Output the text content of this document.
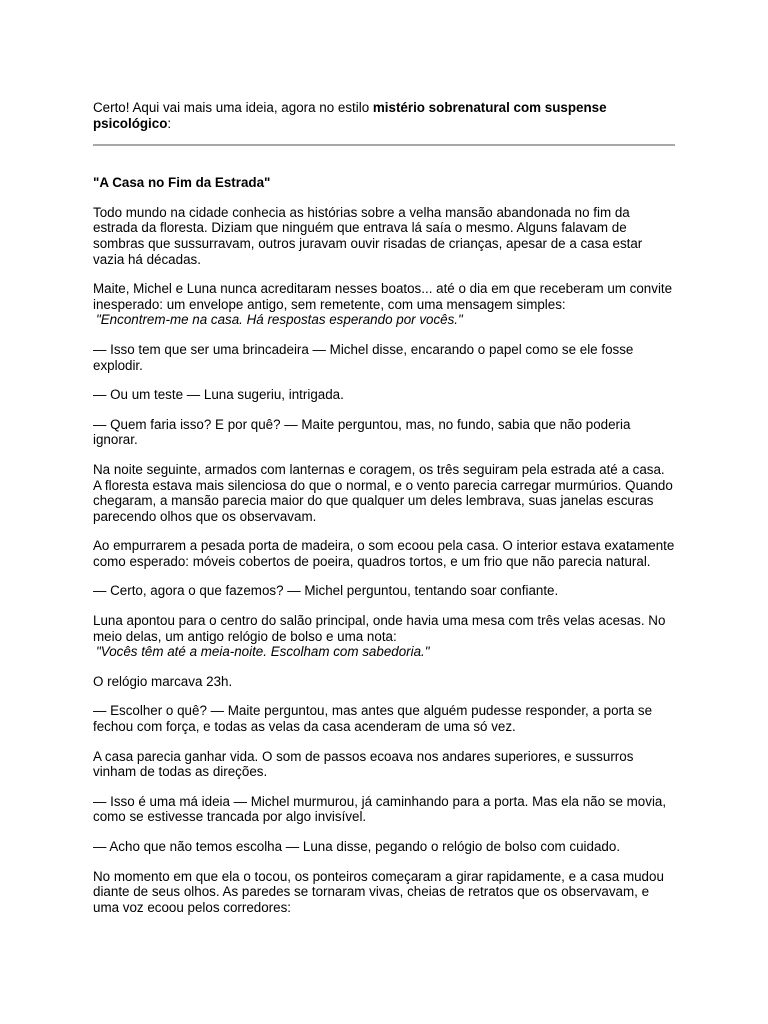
Certo! Aqui vai mais uma ideia, agora no estilo mistério sobrenatural com suspense psicológico:

"A Casa no Fim da Estrada"

Todo mundo na cidade conhecia as histórias sobre a velha mansão abandonada no fim da estrada da floresta. Diziam que ninguém que entrava lá saía o mesmo. Alguns falavam de sombras que sussurravam, outros juravam ouvir risadas de crianças, apesar de a casa estar vazia há décadas.

Maite, Michel e Luna nunca acreditaram nesses boatos... até o dia em que receberam um convite inesperado: um envelope antigo, sem remetente, com uma mensagem simples:
"Encontrem-me na casa. Há respostas esperando por vocês."

— Isso tem que ser uma brincadeira — Michel disse, encarando o papel como se ele fosse explodir.

— Ou um teste — Luna sugeriu, intrigada.

— Quem faria isso? E por quê? — Maite perguntou, mas, no fundo, sabia que não poderia ignorar.

Na noite seguinte, armados com lanternas e coragem, os três seguiram pela estrada até a casa. A floresta estava mais silenciosa do que o normal, e o vento parecia carregar murmúrios. Quando chegaram, a mansão parecia maior do que qualquer um deles lembrava, suas janelas escuras parecendo olhos que os observavam.

Ao empurrarem a pesada porta de madeira, o som ecoou pela casa. O interior estava exatamente como esperado: móveis cobertos de poeira, quadros tortos, e um frio que não parecia natural.

— Certo, agora o que fazemos? — Michel perguntou, tentando soar confiante.

Luna apontou para o centro do salão principal, onde havia uma mesa com três velas acesas. No meio delas, um antigo relógio de bolso e uma nota:
"Vocês têm até a meia-noite. Escolham com sabedoria."

O relógio marcava 23h.

— Escolher o quê? — Maite perguntou, mas antes que alguém pudesse responder, a porta se fechou com força, e todas as velas da casa acenderam de uma só vez.

A casa parecia ganhar vida. O som de passos ecoava nos andares superiores, e sussurros vinham de todas as direções.

— Isso é uma má ideia — Michel murmurou, já caminhando para a porta. Mas ela não se movia, como se estivesse trancada por algo invisível.

— Acho que não temos escolha — Luna disse, pegando o relógio de bolso com cuidado.

No momento em que ela o tocou, os ponteiros começaram a girar rapidamente, e a casa mudou diante de seus olhos. As paredes se tornaram vivas, cheias de retratos que os observavam, e uma voz ecoou pelos corredores:
